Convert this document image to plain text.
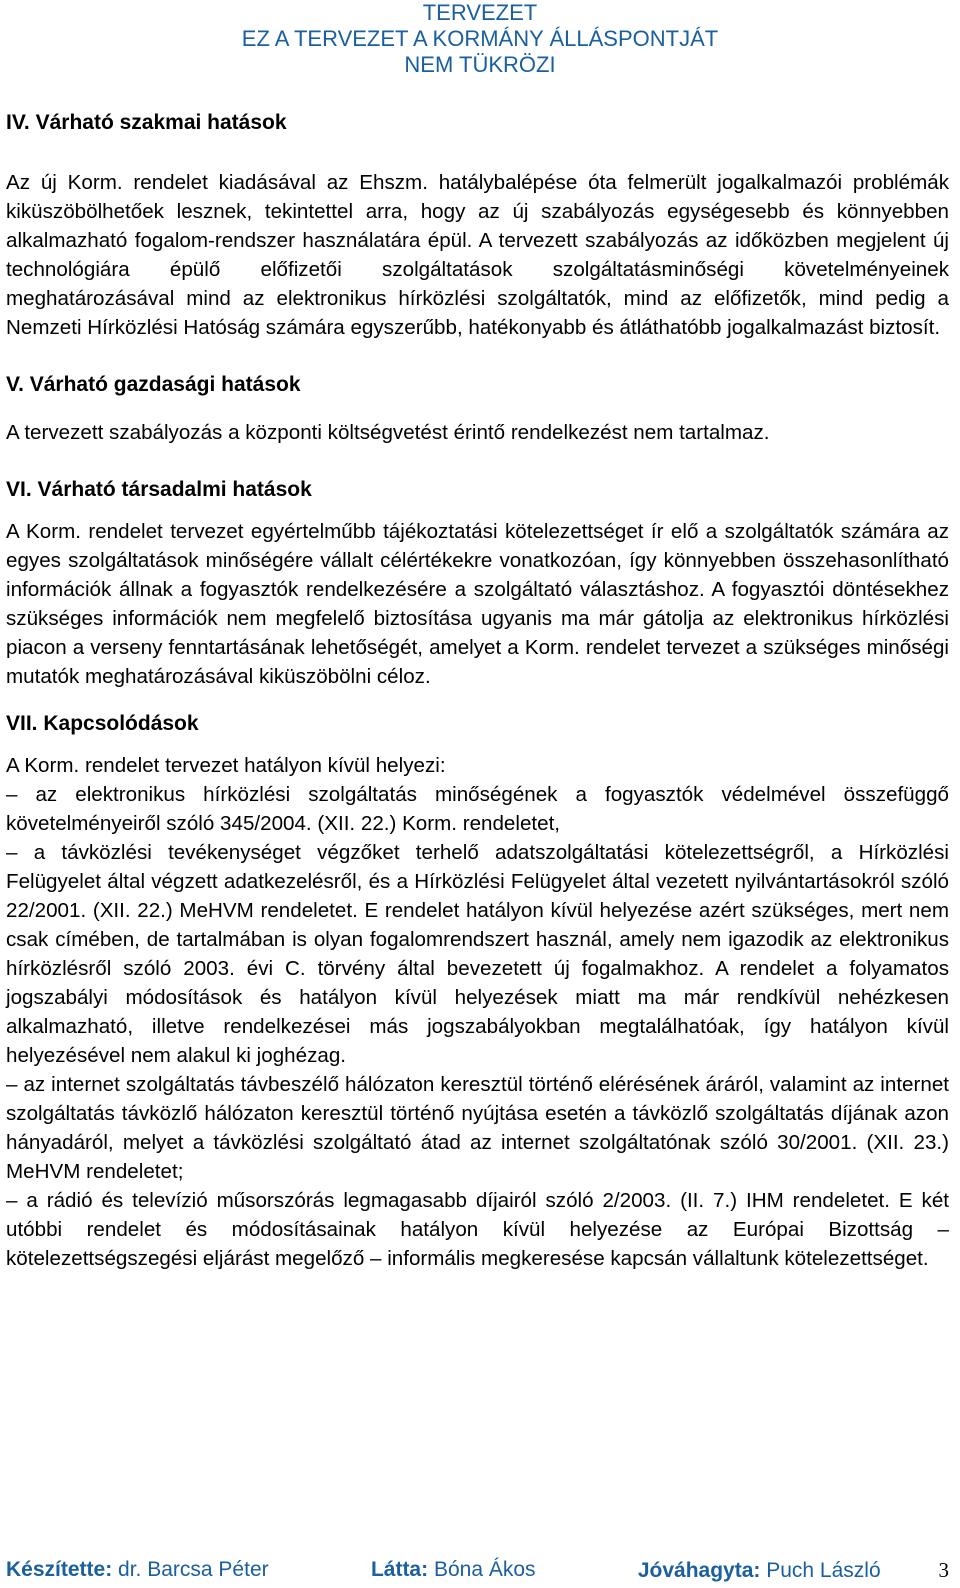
TERVEZET
EZ A TERVEZET A KORMÁNY ÁLLÁSPONTJÁT
NEM TÜKRÖZI
IV. Várható szakmai hatások

Az új Korm. rendelet kiadásával az Ehszm. hatálybalépése óta felmerült jogalkalmazói problémák kiküszöbölhetőek lesznek, tekintettel arra, hogy az új szabályozás egységesebb és könnyebben alkalmazható fogalom-rendszer használatára épül. A tervezett szabályozás az időközben megjelent új technológiára épülő előfizetői szolgáltatások szolgáltatásminőségi követelményeinek meghatározásával mind az elektronikus hírközlési szolgáltatók, mind az előfizetők, mind pedig a Nemzeti Hírközlési Hatóság számára egyszerűbb, hatékonyabb és átláthatóbb jogalkalmazást biztosít.

V. Várható gazdasági hatások

A tervezett szabályozás a központi költségvetést érintő rendelkezést nem tartalmaz.

VI. Várható társadalmi hatások

A Korm. rendelet tervezet egyértelműbb tájékoztatási kötelezettséget ír elő a szolgáltatók számára az egyes szolgáltatások minőségére vállalt célértékekre vonatkozóan, így könnyebben összehasonlítható információk állnak a fogyasztók rendelkezésére a szolgáltató választáshoz. A fogyasztói döntésekhez szükséges információk nem megfelelő biztosítása ugyanis ma már gátolja az elektronikus hírközlési piacon a verseny fenntartásának lehetőségét, amelyet a Korm. rendelet tervezet a szükséges minőségi mutatók meghatározásával kiküszöbölni céloz.

VII. Kapcsolódások

A Korm. rendelet tervezet hatályon kívül helyezi:

– az elektronikus hírközlési szolgáltatás minőségének a fogyasztók védelmével összefüggő követelményeiről szóló 345/2004. (XII. 22.) Korm. rendeletet,

– a távközlési tevékenységet végzőket terhelő adatszolgáltatási kötelezettségről, a Hírközlési Felügyelet által végzett adatkezelésről, és a Hírközlési Felügyelet által vezetett nyilvántartásokról szóló 22/2001. (XII. 22.) MeHVM rendeletet. E rendelet hatályon kívül helyezése azért szükséges, mert nem csak címében, de tartalmában is olyan fogalomrendszert használ, amely nem igazodik az elektronikus hírközlésről szóló 2003. évi C. törvény által bevezetett új fogalmakhoz. A rendelet a folyamatos jogszabályi módosítások és hatályon kívül helyezések miatt ma már rendkívül nehézkesen alkalmazható, illetve rendelkezései más jogszabályokban megtalálhatóak, így hatályon kívül helyezésével nem alakul ki joghézag.

– az internet szolgáltatás távbeszélő hálózaton keresztül történő elérésének áráról, valamint az internet szolgáltatás távközlő hálózaton keresztül történő nyújtása esetén a távközlő szolgáltatás díjának azon hányadáról, melyet a távközlési szolgáltató átad az internet szolgáltatónak szóló 30/2001. (XII. 23.) MeHVM rendeletet;

– a rádió és televízió műsorszórás legmagasabb díjairól szóló 2/2003. (II. 7.) IHM rendeletet. E két utóbbi rendelet és módosításainak hatályon kívül helyezése az Európai Bizottság – kötelezettségszegési eljárást megelőző – informális megkeresése kapcsán vállaltunk kötelezettséget.

Készítette: dr. Barcsa Péter	Látta: Bóna Ákos	Jóváhagyta: Puch László	3
